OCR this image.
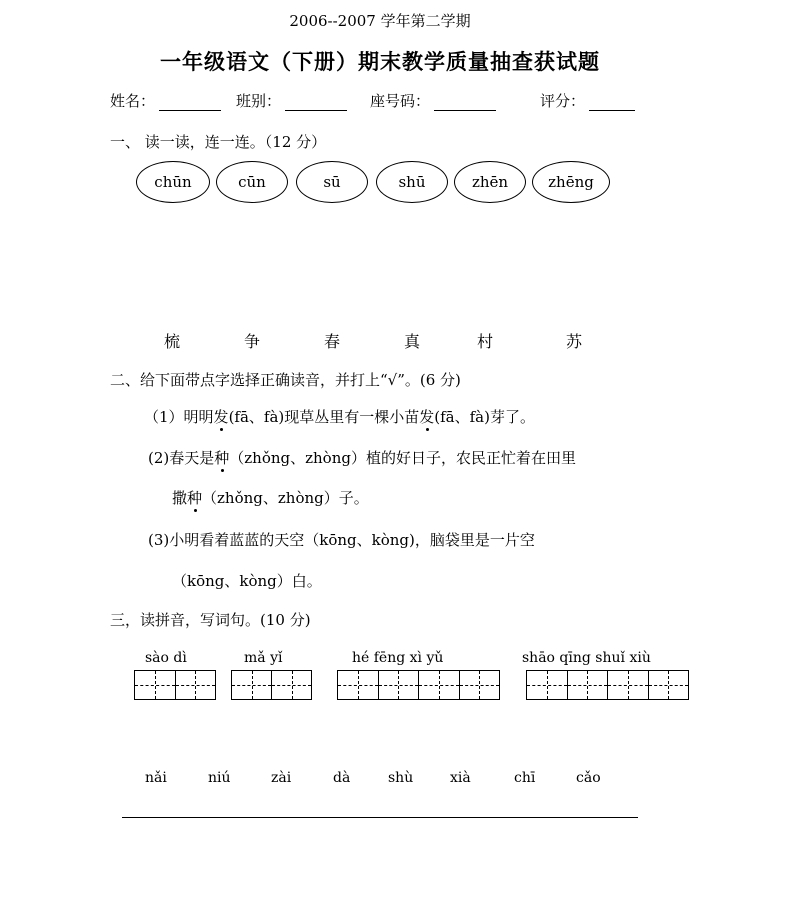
2006--2007 学年第二学期
一年级语文（下册）期末教学质量抽查获试题
姓名：	班别：	座号码：	评分：
一、 读一读，连一连。（12 分）
chūn	cūn	sū	shū	zhēn	zhēng
梳	争	春	真	村	苏
二、给下面带点字选择正确读音，并打上“√”。(6 分)
（1）明明发(fā、fà)现草丛里有一棵小苗发(fā、fà)芽了。
(2)春天是种（zhǒng、zhòng）植的好日子，农民正忙着在田里
撒种（zhǒng、zhòng）子。
(3)小明看着蓝蓝的天空（kōng、kòng)，脑袋里是一片空
（kōng、kòng）白。
三，读拼音，写词句。(10 分)
sào dì	mǎ yǐ	hé fēng xì yǔ	shāo qīng shuǐ xiù
nǎi	niú	zài	dà	shù	xià	chī	cǎo
